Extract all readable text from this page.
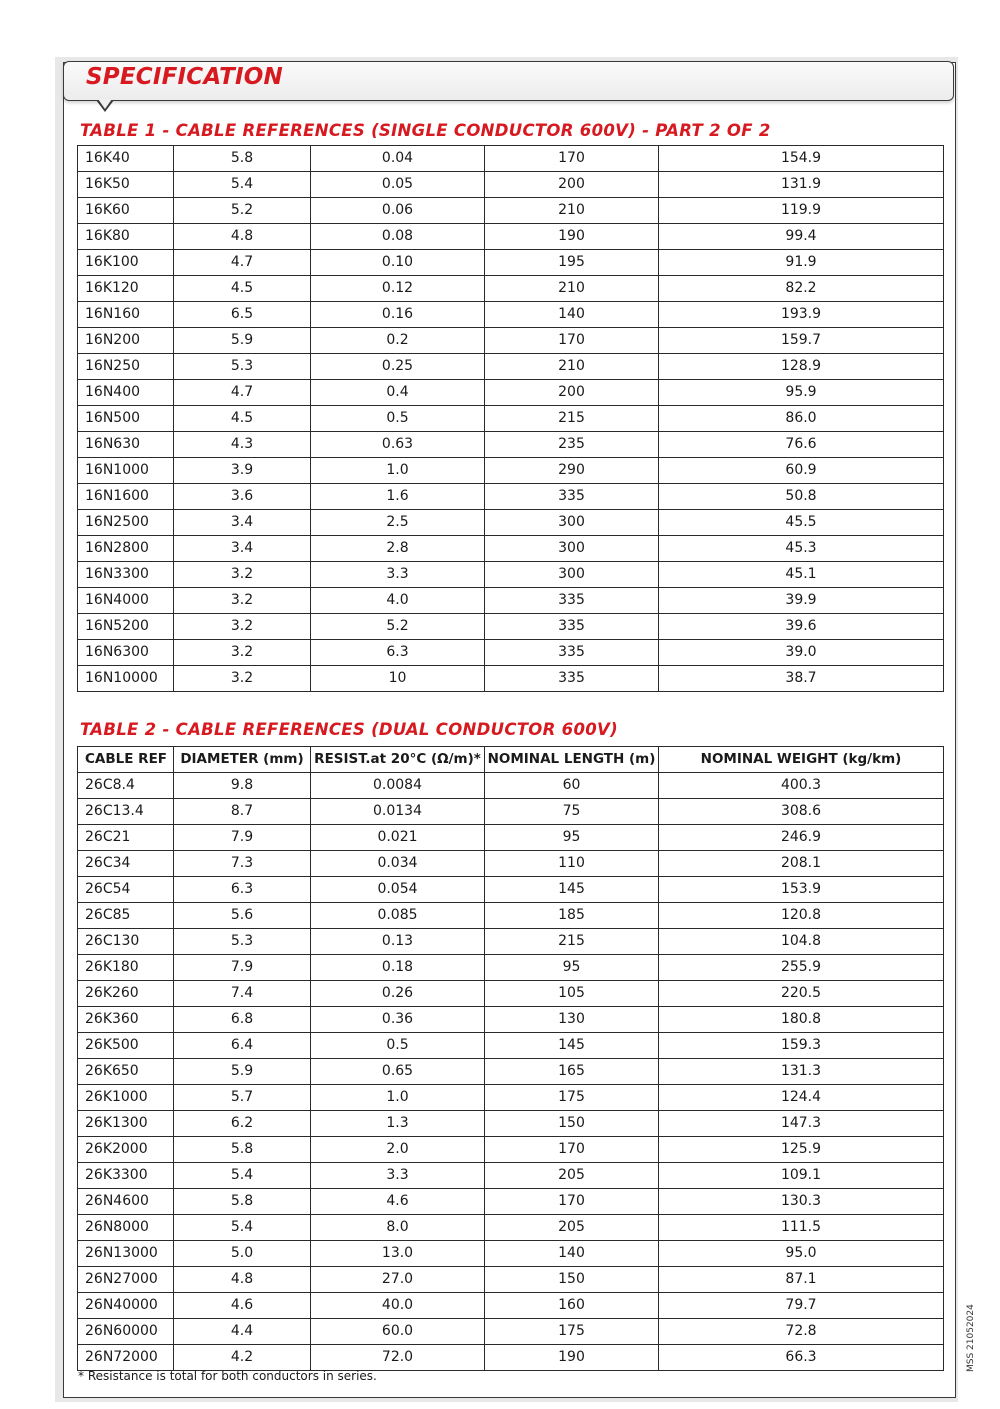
SPECIFICATION
TABLE 1 - CABLE REFERENCES (SINGLE CONDUCTOR 600V) - PART 2 OF 2
16K40	5.8	0.04	170	154.9
16K50	5.4	0.05	200	131.9
16K60	5.2	0.06	210	119.9
16K80	4.8	0.08	190	99.4
16K100	4.7	0.10	195	91.9
16K120	4.5	0.12	210	82.2
16N160	6.5	0.16	140	193.9
16N200	5.9	0.2	170	159.7
16N250	5.3	0.25	210	128.9
16N400	4.7	0.4	200	95.9
16N500	4.5	0.5	215	86.0
16N630	4.3	0.63	235	76.6
16N1000	3.9	1.0	290	60.9
16N1600	3.6	1.6	335	50.8
16N2500	3.4	2.5	300	45.5
16N2800	3.4	2.8	300	45.3
16N3300	3.2	3.3	300	45.1
16N4000	3.2	4.0	335	39.9
16N5200	3.2	5.2	335	39.6
16N6300	3.2	6.3	335	39.0
16N10000	3.2	10	335	38.7
TABLE 2 - CABLE REFERENCES (DUAL CONDUCTOR 600V)
CABLE REF	DIAMETER (mm)	RESIST.at 20°C (Ω/m)*	NOMINAL LENGTH (m)	NOMINAL WEIGHT (kg/km)
26C8.4	9.8	0.0084	60	400.3
26C13.4	8.7	0.0134	75	308.6
26C21	7.9	0.021	95	246.9
26C34	7.3	0.034	110	208.1
26C54	6.3	0.054	145	153.9
26C85	5.6	0.085	185	120.8
26C130	5.3	0.13	215	104.8
26K180	7.9	0.18	95	255.9
26K260	7.4	0.26	105	220.5
26K360	6.8	0.36	130	180.8
26K500	6.4	0.5	145	159.3
26K650	5.9	0.65	165	131.3
26K1000	5.7	1.0	175	124.4
26K1300	6.2	1.3	150	147.3
26K2000	5.8	2.0	170	125.9
26K3300	5.4	3.3	205	109.1
26N4600	5.8	4.6	170	130.3
26N8000	5.4	8.0	205	111.5
26N13000	5.0	13.0	140	95.0
26N27000	4.8	27.0	150	87.1
26N40000	4.6	40.0	160	79.7
26N60000	4.4	60.0	175	72.8
26N72000	4.2	72.0	190	66.3

* Resistance is total for both conductors in series.

MSS 21052024
